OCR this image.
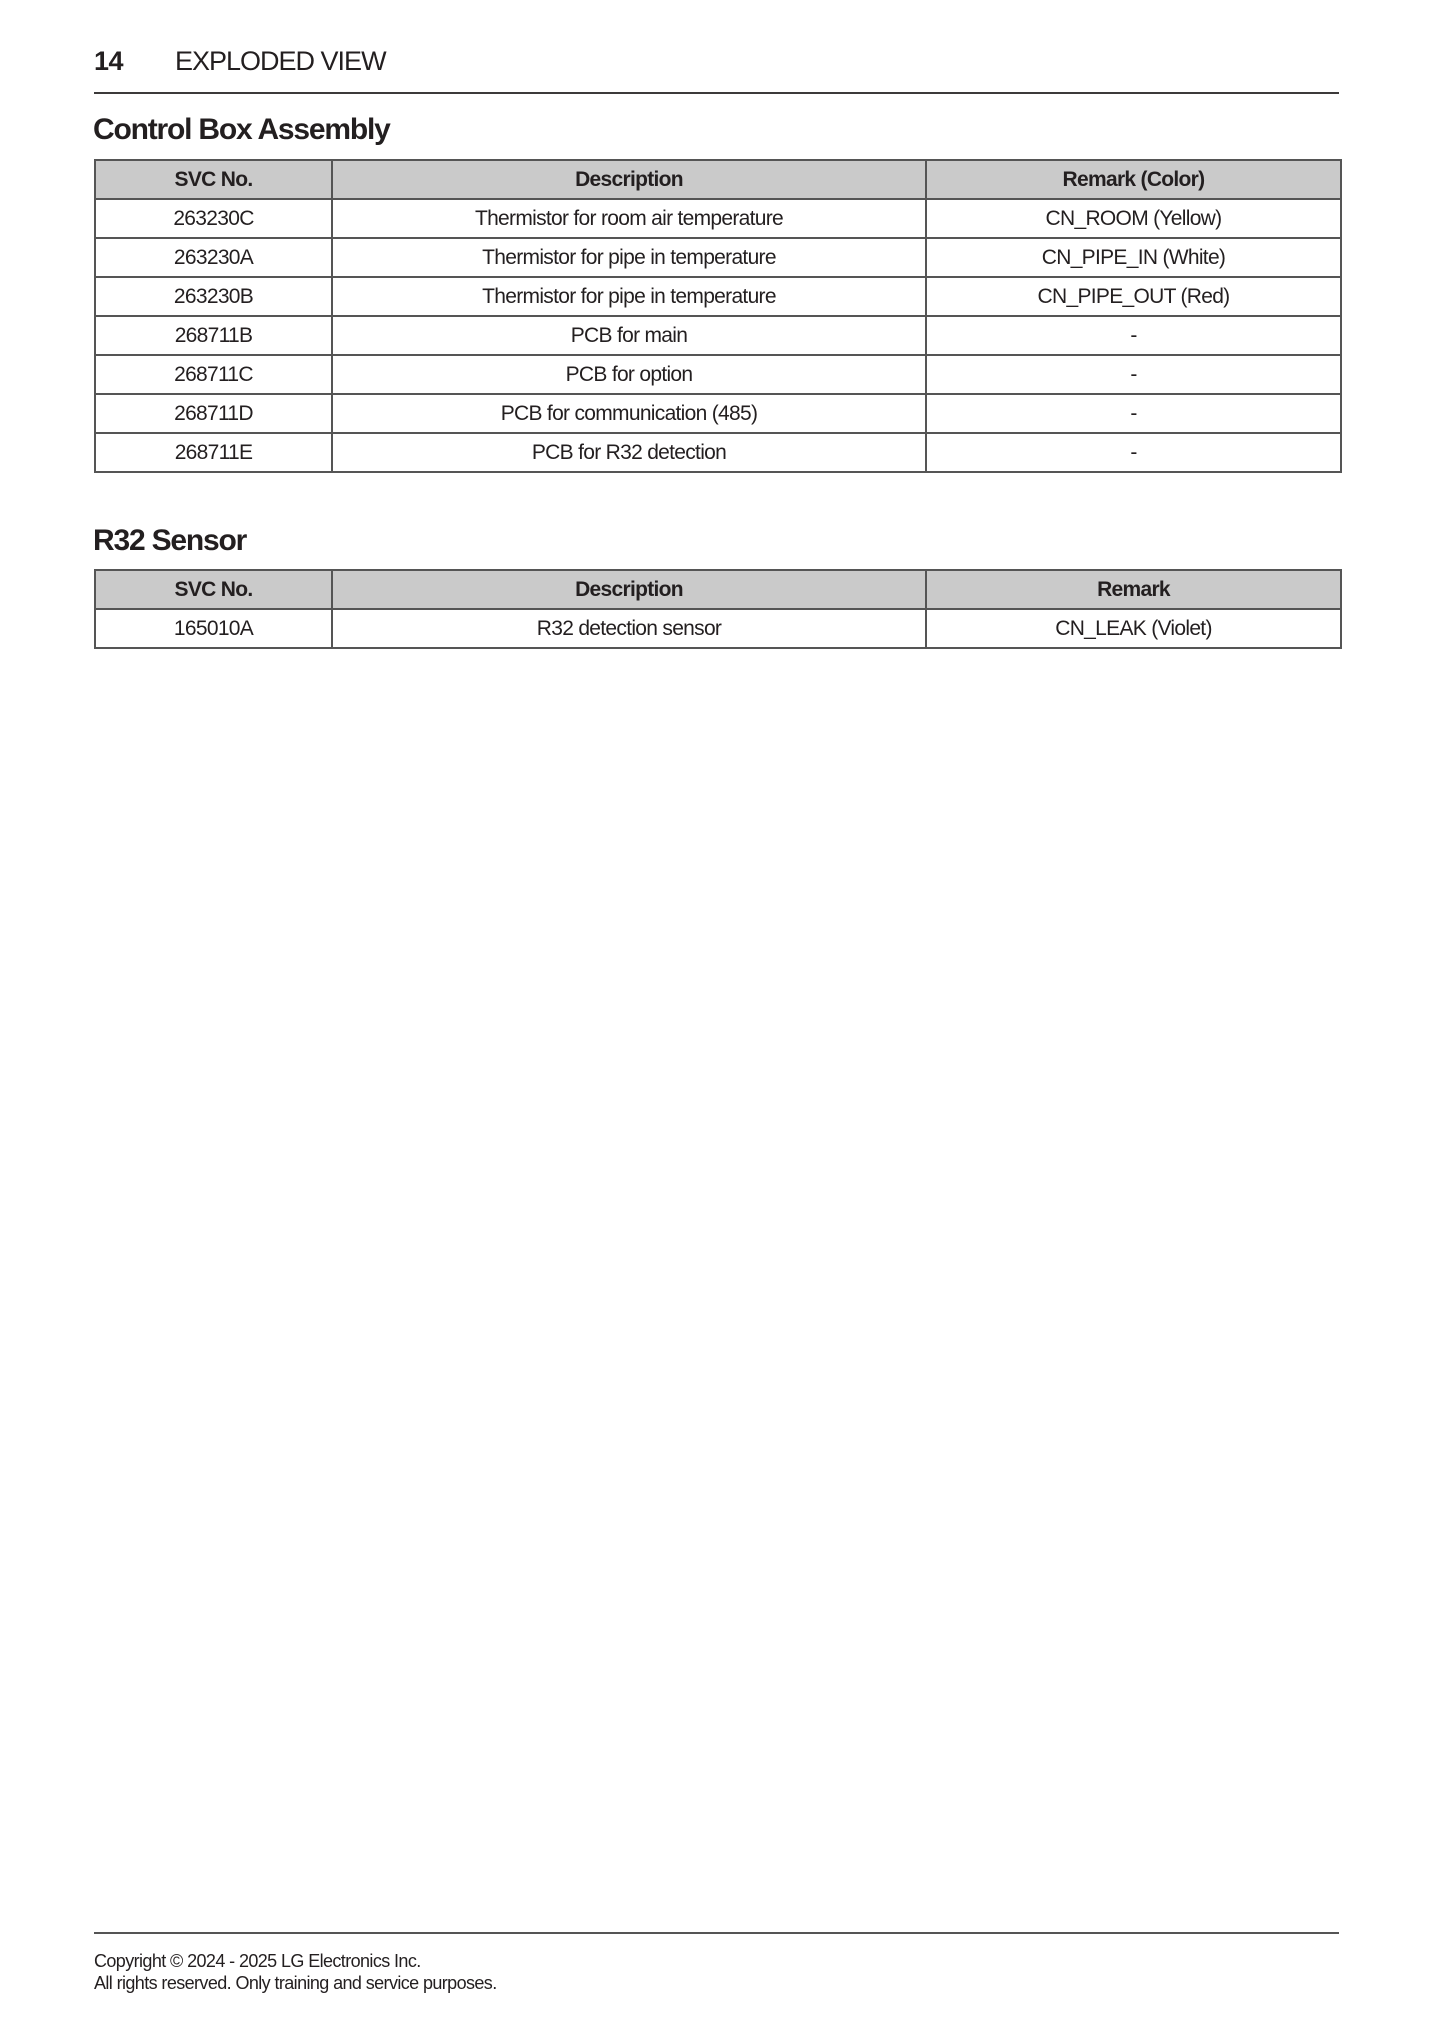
14	EXPLODED VIEW
Control Box Assembly
SVC No.	Description	Remark (Color)
263230C	Thermistor for room air temperature	CN_ROOM (Yellow)
263230A	Thermistor for pipe in temperature	CN_PIPE_IN (White)
263230B	Thermistor for pipe in temperature	CN_PIPE_OUT (Red)
268711B	PCB for main	-
268711C	PCB for option	-
268711D	PCB for communication (485)	-
268711E	PCB for R32 detection	-
R32 Sensor
SVC No.	Description	Remark
165010A	R32 detection sensor	CN_LEAK (Violet)
Copyright © 2024 - 2025 LG Electronics Inc.
All rights reserved. Only training and service purposes.
